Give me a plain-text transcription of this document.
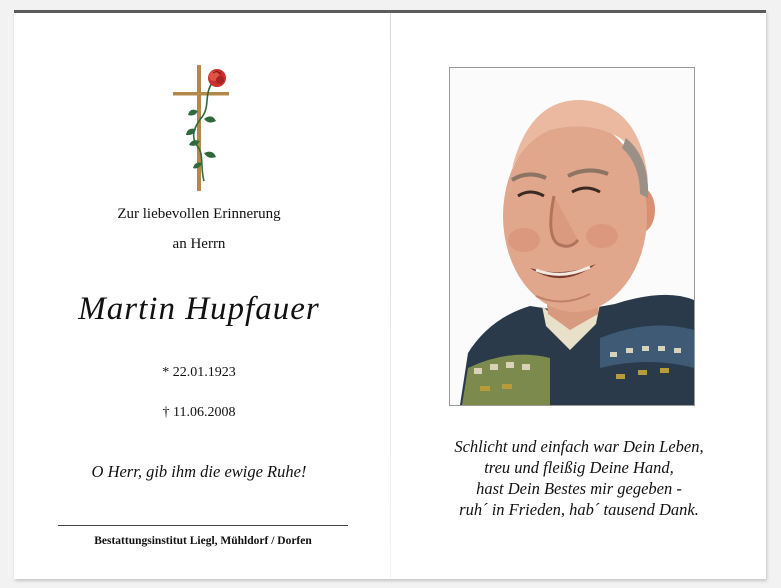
Zur liebevollen Erinnerung
an Herrn
Martin Hupfauer
* 22.01.1923
† 11.06.2008
O Herr, gib ihm die ewige Ruhe!
Bestattungsinstitut Liegl, Mühldorf / Dorfen
Schlicht und einfach war Dein Leben,
treu und fleißig Deine Hand,
hast Dein Bestes mir gegeben -
ruh´ in Frieden, hab´ tausend Dank.
